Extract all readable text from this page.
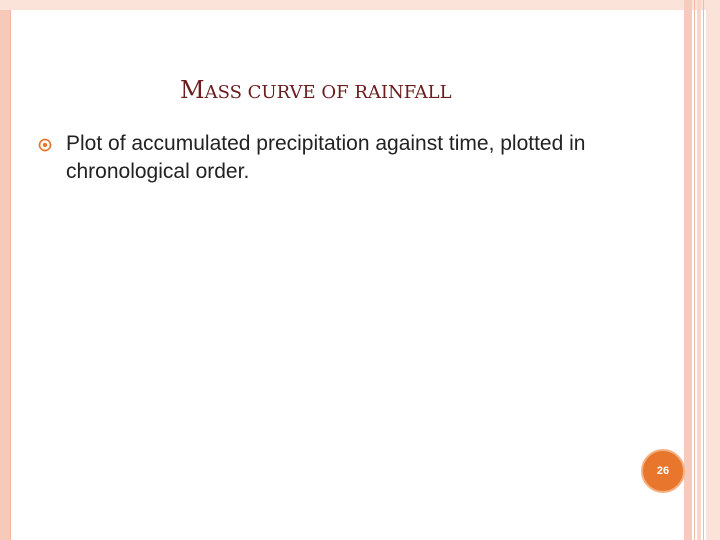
MASS CURVE OF RAINFALL
Plot of accumulated precipitation against time, plotted in chronological order.
26
